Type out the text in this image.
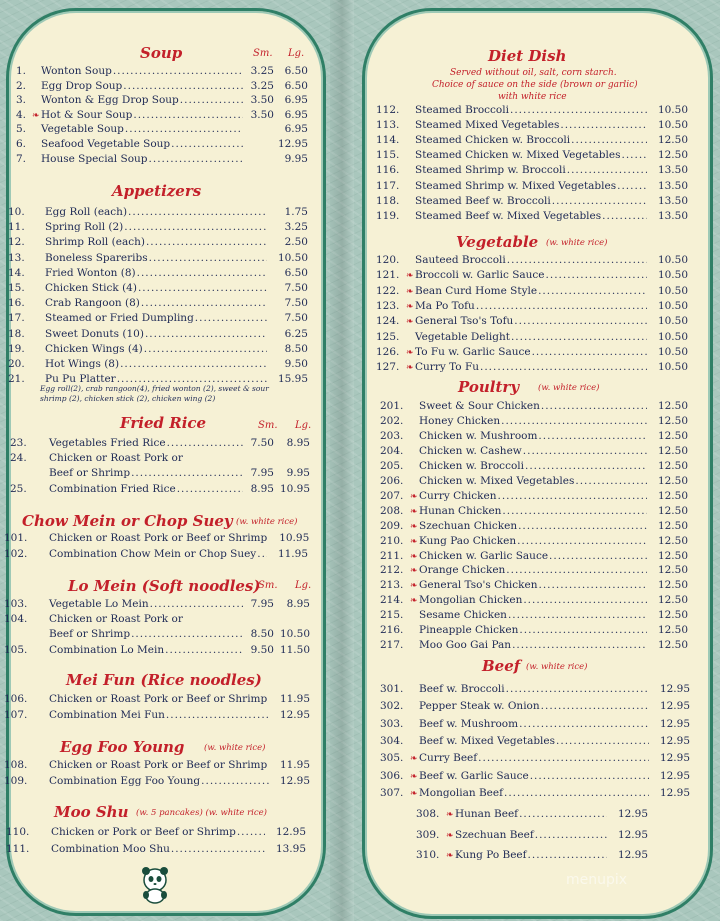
Soup	Sm. Lg.
1.	Wonton Soup .....	3.25	6.50
2.	Egg Drop Soup .....	3.25	6.50
3.	Wonton & Egg Drop Soup .....	3.50	6.95
4. ❧ Hot & Sour Soup .....	3.50	6.95
5.	Vegetable Soup .....	6.95
6.	Seafood Vegetable Soup .....	12.95
7.	House Special Soup .....	9.95
Appetizers
10.	Egg Roll (each) .....	1.75
11.	Spring Roll (2) .....	3.25
12.	Shrimp Roll (each) .....	2.50
13.	Boneless Spareribs .....	10.50
14.	Fried Wonton (8) .....	6.50
15.	Chicken Stick (4) .....	7.50
16.	Crab Rangoon (8) .....	7.50
17.	Steamed or Fried Dumpling .....	7.50
18.	Sweet Donuts (10) .....	6.25
19.	Chicken Wings (4) .....	8.50
20.	Hot Wings (8) .....	9.50
21.	Pu Pu Platter .....	15.95
Egg roll(2), crab rangoon(4), fried wonton (2), sweet & sour shrimp (2), chicken stick (2), chicken wing (2)
Fried Rice	Sm. Lg.
23.	Vegetables Fried Rice .....	7.50	8.95
24.	Chicken or Roast Pork or
Beef or Shrimp .....	7.95	9.95
25.	Combination Fried Rice .....	8.95 10.95
Chow Mein or Chop Suey (w. white rice)
101.	Chicken or Roast Pork or Beef or Shrimp	10.95
102.	Combination Chow Mein or Chop Suey .....	11.95
Lo Mein (Soft noodles)
Sm. Lg.
103.	Vegetable Lo Mein .....	7.95	8.95
104.	Chicken or Roast Pork or
Beef or Shrimp .....	8.50 10.50
105.	Combination Lo Mein .....	9.50 11.50
Mei Fun (Rice noodles)
106.	Chicken or Roast Pork or Beef or Shrimp .....	11.95
107.	Combination Mei Fun .....	12.95
Egg Foo Young (w. white rice)
108.	Chicken or Roast Pork or Beef or Shrimp .....	11.95
109.	Combination Egg Foo Young .....	12.95
Moo Shu (w. 5 pancakes) (w. white rice)
110.	Chicken or Pork or Beef or Shrimp .....	12.95
111.	Combination Moo Shu .....	13.95
Diet Dish
Served without oil, salt, corn starch.
Choice of sauce on the side (brown or garlic)
with white rice
112.	Steamed Broccoli .....	10.50
113.	Steamed Mixed Vegetables .....	10.50
114.	Steamed Chicken w. Broccoli .....	12.50
115.	Steamed Chicken w. Mixed Vegetables .....	12.50
116.	Steamed Shrimp w. Broccoli .....	13.50
117.	Steamed Shrimp w. Mixed Vegetables .....	13.50
118.	Steamed Beef w. Broccoli .....	13.50
119.	Steamed Beef w. Mixed Vegetables .....	13.50
Vegetable (w. white rice)
120.	Sauteed Broccoli .....	10.50
121. ❧ Broccoli w. Garlic Sauce .....	10.50
122. ❧ Bean Curd Home Style .....	10.50
123. ❧ Ma Po Tofu .....	10.50
124. ❧ General Tso's Tofu .....	10.50
125.	Vegetable Delight .....	10.50
126. ❧ To Fu w. Garlic Sauce .....	10.50
127. ❧ Curry To Fu .....	10.50
Poultry (w. white rice)
201.	Sweet & Sour Chicken .....	12.50
202.	Honey Chicken .....	12.50
203.	Chicken w. Mushroom .....	12.50
204.	Chicken w. Cashew .....	12.50
205.	Chicken w. Broccoli .....	12.50
206.	Chicken w. Mixed Vegetables .....	12.50
207. ❧ Curry Chicken .....	12.50
208. ❧ Hunan Chicken .....	12.50
209. ❧ Szechuan Chicken .....	12.50
210. ❧ Kung Pao Chicken .....	12.50
211. ❧ Chicken w. Garlic Sauce .....	12.50
212. ❧ Orange Chicken .....	12.50
213. ❧ General Tso's Chicken .....	12.50
214. ❧ Mongolian Chicken .....	12.50
215.	Sesame Chicken .....	12.50
216.	Pineapple Chicken .....	12.50
217.	Moo Goo Gai Pan .....	12.50
Beef (w. white rice)
301.	Beef w. Broccoli .....	12.95
302.	Pepper Steak w. Onion .....	12.95
303.	Beef w. Mushroom .....	12.95
304.	Beef w. Mixed Vegetables .....	12.95
305. ❧ Curry Beef .....	12.95
306. ❧ Beef w. Garlic Sauce .....	12.95
307. ❧ Mongolian Beef .....	12.95
308. ❧ Hunan Beef .....	12.95
309. ❧ Szechuan Beef .....	12.95
310. ❧ Kung Po Beef .....	12.95
menupix
